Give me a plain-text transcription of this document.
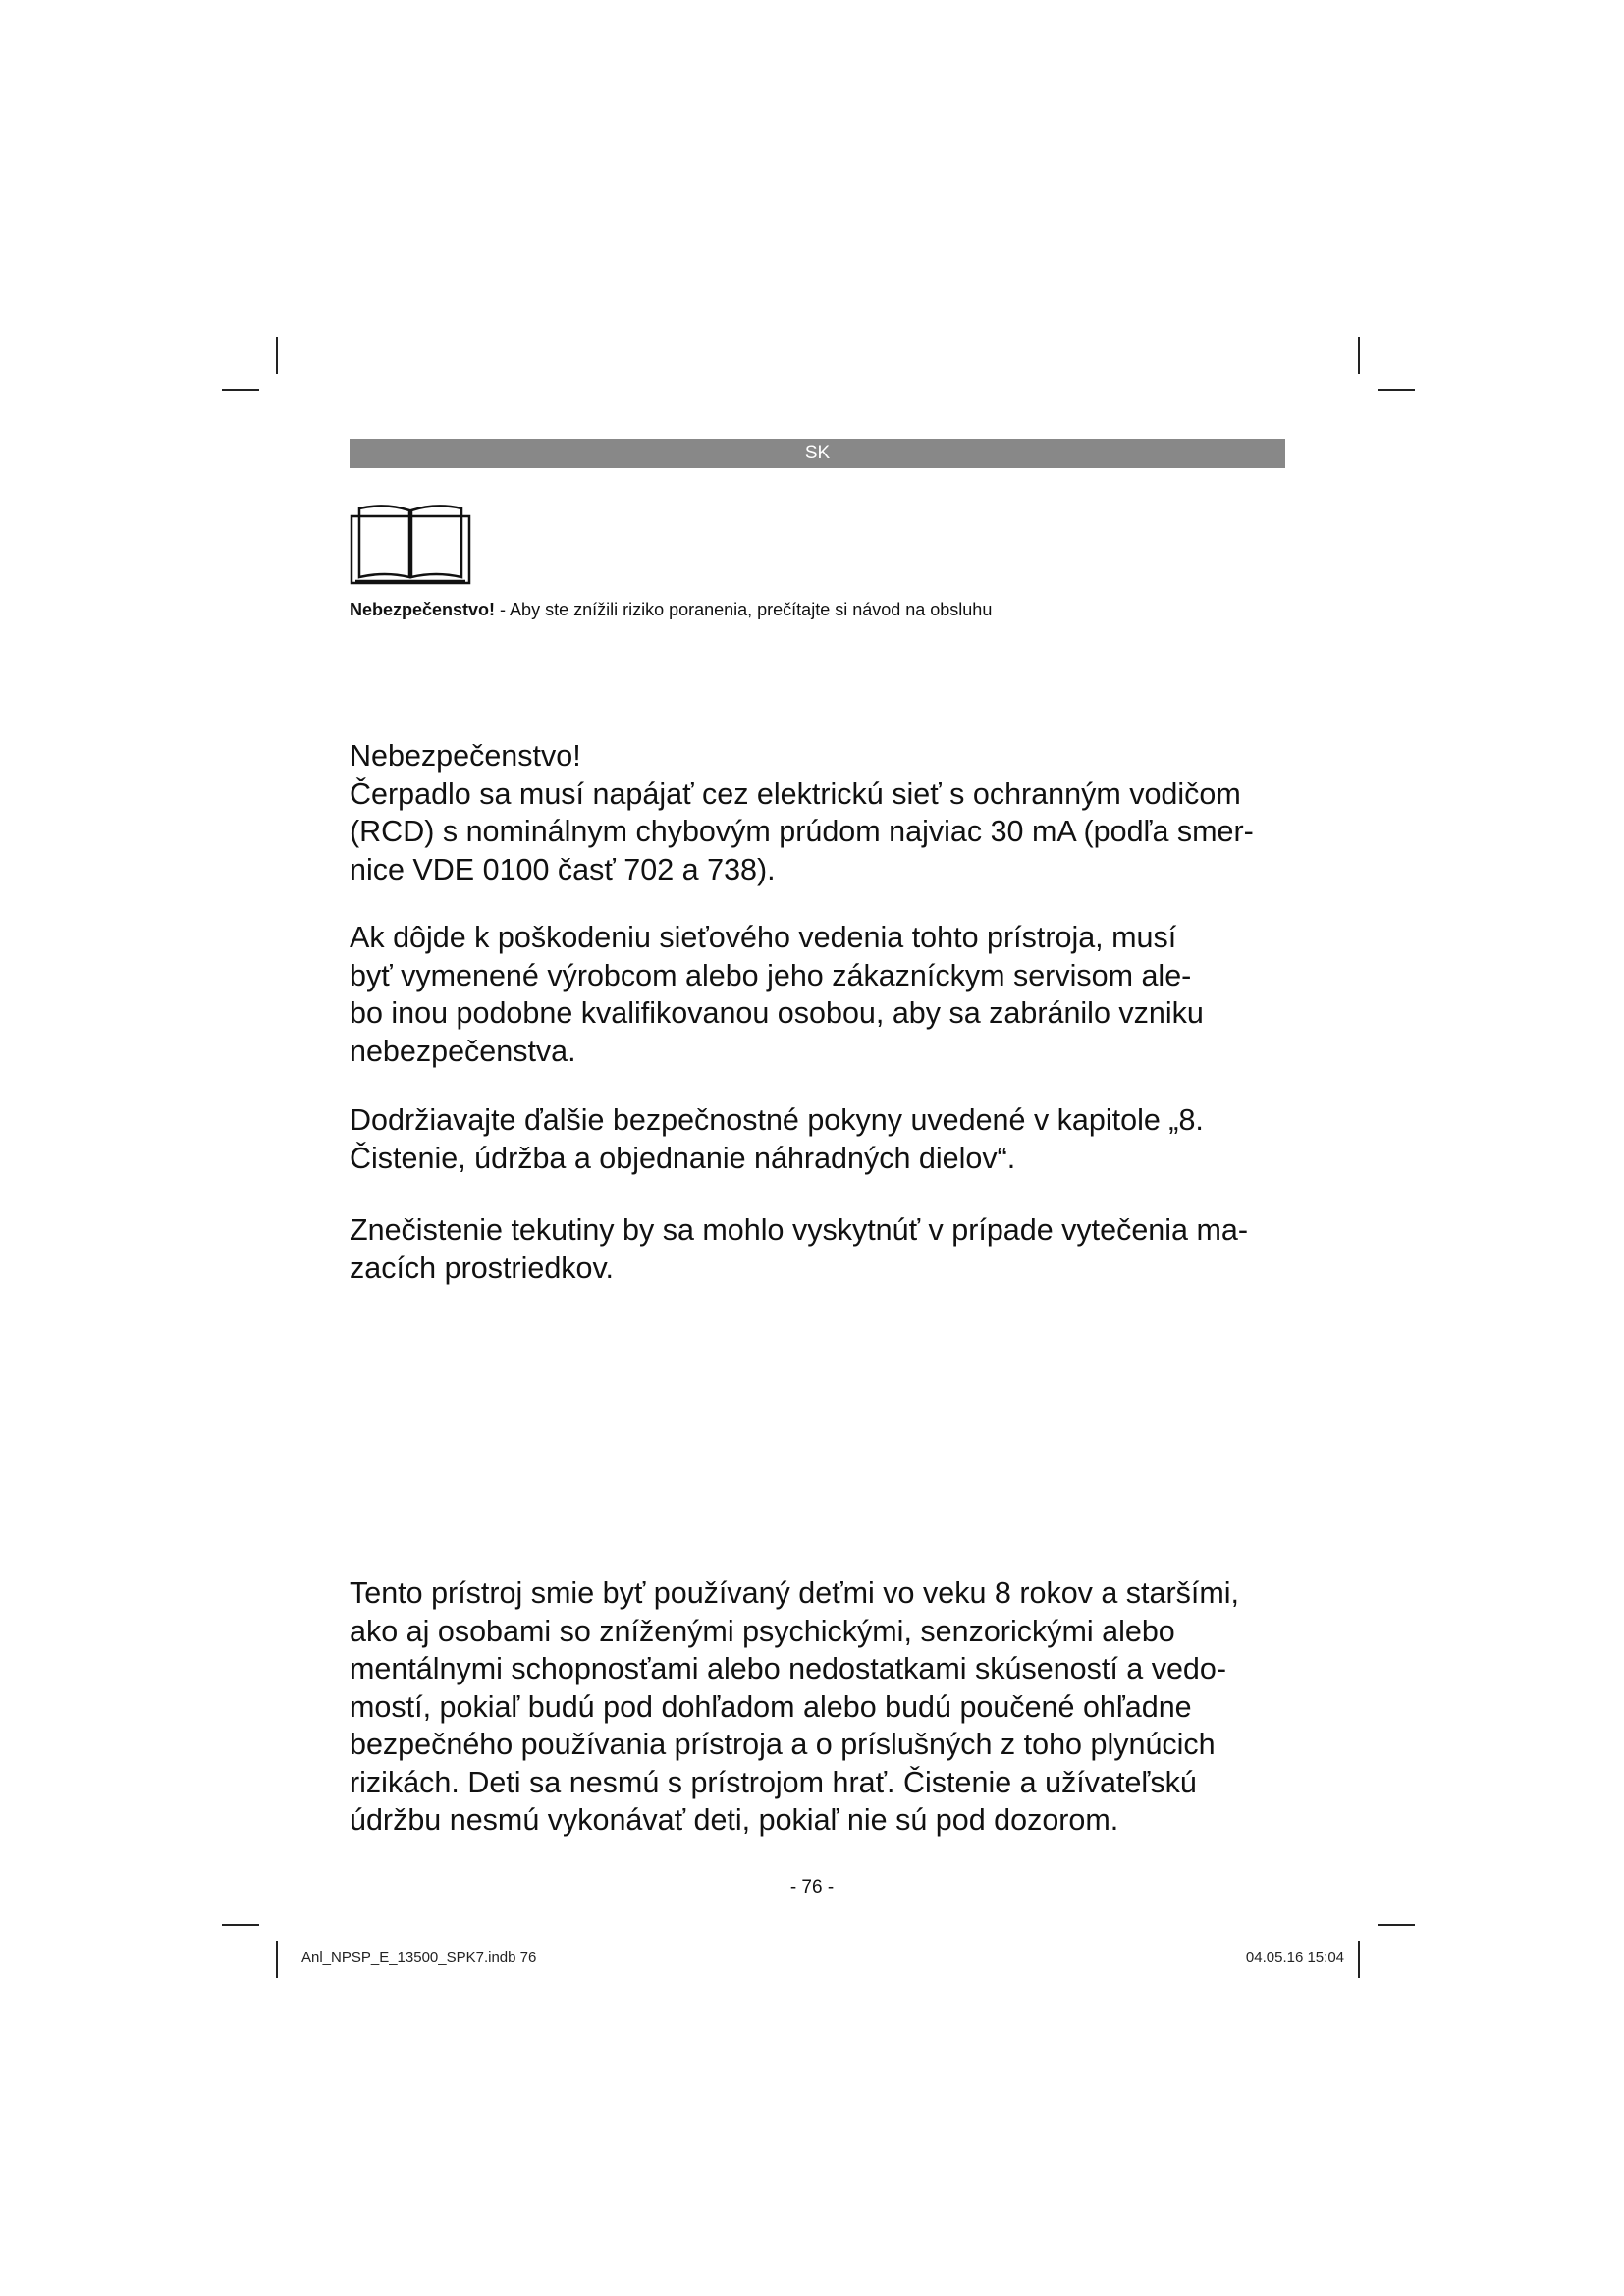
SK
Nebezpečenstvo! - Aby ste znížili riziko poranenia, prečítajte si návod na obsluhu

Nebezpečenstvo!
Čerpadlo sa musí napájať cez elektrickú sieť s ochranným vodičom
(RCD) s nominálnym chybovým prúdom najviac 30 mA (podľa smer-
nice VDE 0100 časť 702 a 738).

Ak dôjde k poškodeniu sieťového vedenia tohto prístroja, musí
byť vymenené výrobcom alebo jeho zákazníckym servisom ale-
bo inou podobne kvalifikovanou osobou, aby sa zabránilo vzniku
nebezpečenstva.

Dodržiavajte ďalšie bezpečnostné pokyny uvedené v kapitole „8.
Čistenie, údržba a objednanie náhradných dielov“.

Znečistenie tekutiny by sa mohlo vyskytnúť v prípade vytečenia ma-
zacích prostriedkov.

Tento prístroj smie byť používaný deťmi vo veku 8 rokov a staršími,
ako aj osobami so zníženými psychickými, senzorickými alebo
mentálnymi schopnosťami alebo nedostatkami skúseností a vedo-
mostí, pokiaľ budú pod dohľadom alebo budú poučené ohľadne
bezpečného používania prístroja a o príslušných z toho plynúcich
rizikách. Deti sa nesmú s prístrojom hrať. Čistenie a užívateľskú
údržbu nesmú vykonávať deti, pokiaľ nie sú pod dozorom.

- 76 -
Anl_NPSP_E_13500_SPK7.indb 76	04.05.16 15:04
